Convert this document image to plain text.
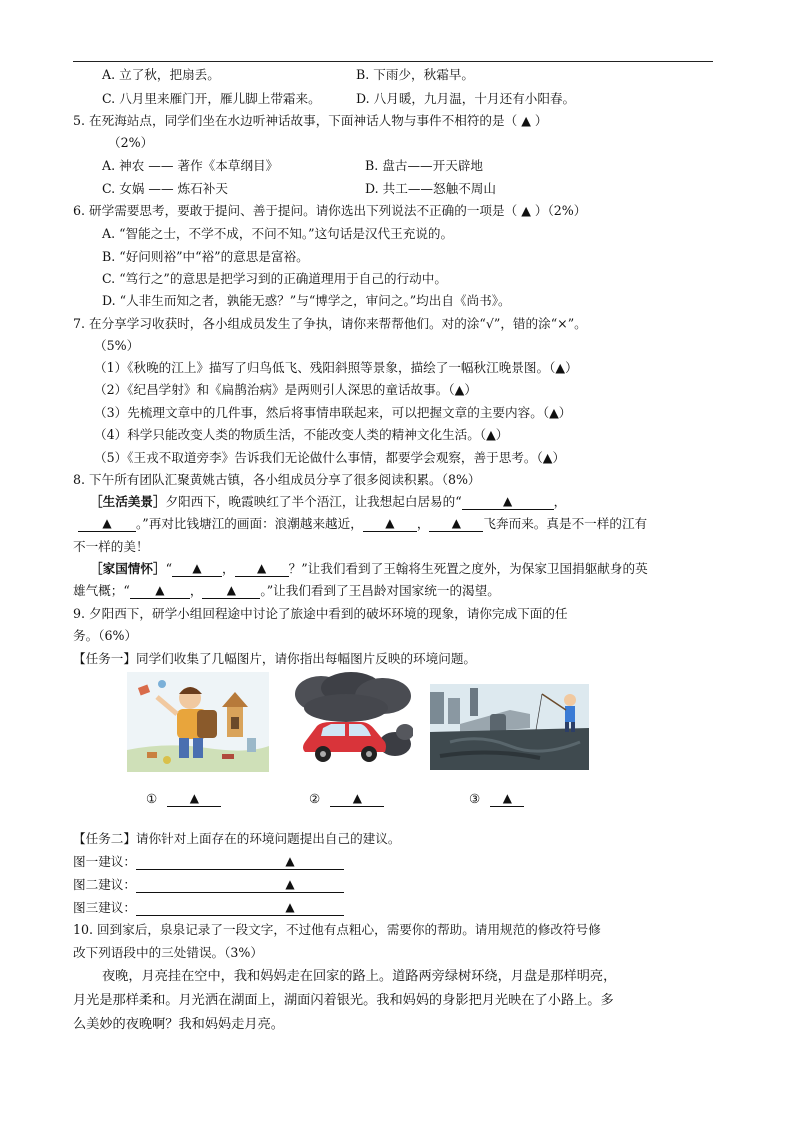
A. 立了秋，把扇丢。	B. 下雨少，秋霜早。
C. 八月里来雁门开，雁儿脚上带霜来。	D. 八月暖，九月温，十月还有小阳春。
5. 在死海站点，同学们坐在水边听神话故事，下面神话人物与事件不相符的是（ ▲ ）
（2%）
A. 神农 —— 著作《本草纲目》	B. 盘古——开天辟地
C. 女娲 —— 炼石补天	D. 共工——怒触不周山
6. 研学需要思考，要敢于提问、善于提问。请你选出下列说法不正确的一项是（ ▲ ）（2%）
A. “智能之士，不学不成，不问不知。”这句话是汉代王充说的。
B. “好问则裕”中“裕”的意思是富裕。
C. “笃行之”的意思是把学习到的正确道理用于自己的行动中。
D. “人非生而知之者，孰能无惑？”与“博学之，审问之。”均出自《尚书》。
7. 在分享学习收获时，各小组成员发生了争执，请你来帮帮他们。对的涂“√”，错的涂“×”。
（5%）
（1）《秋晚的江上》描写了归鸟低飞、残阳斜照等景象，描绘了一幅秋江晚景图。（▲）
（2）《纪昌学射》和《扁鹊治病》是两则引人深思的童话故事。（▲）
（3）先梳理文章中的几件事，然后将事情串联起来，可以把握文章的主要内容。（▲）
（4）科学只能改变人类的物质生活，不能改变人类的精神文化生活。（▲）
（5）《王戎不取道旁李》告诉我们无论做什么事情，都要学会观察，善于思考。（▲）
8. 下午所有团队汇聚黄姚古镇，各小组成员分享了很多阅读积累。（8%）
［生活美景］夕阳西下，晚霞映红了半个浯江，让我想起白居易的“	▲	，
▲ 。”再对比钱塘江的画面：浪潮越来越近， ▲ ， ▲ 飞奔而来。真是不一样的江有
不一样的美！
［家国情怀］“ ▲ ， ▲ ？”让我们看到了王翰将生死置之度外，为保家卫国捐躯献身的英
雄气概；“ ▲ ， ▲ 。”让我们看到了王昌龄对国家统一的渴望。
9. 夕阳西下，研学小组回程途中讨论了旅途中看到的破坏环境的现象，请你完成下面的任
务。（6%）
【任务一】同学们收集了几幅图片，请你指出每幅图片反映的环境问题。
①	▲	②	▲	③ ▲
【任务二】请你针对上面存在的环境问题提出自己的建议。
图一建议：	▲
图二建议：	▲
图三建议：	▲
10. 回到家后，泉泉记录了一段文字，不过他有点粗心，需要你的帮助。请用规范的修改符号修
改下列语段中的三处错误。（3%）
夜晚，月亮挂在空中，我和妈妈走在回家的路上。道路两旁绿树环绕，月盘是那样明亮，
月光是那样柔和。月光洒在湖面上，湖面闪着银光。我和妈妈的身影把月光映在了小路上。多
么美妙的夜晚啊？我和妈妈走月亮。
